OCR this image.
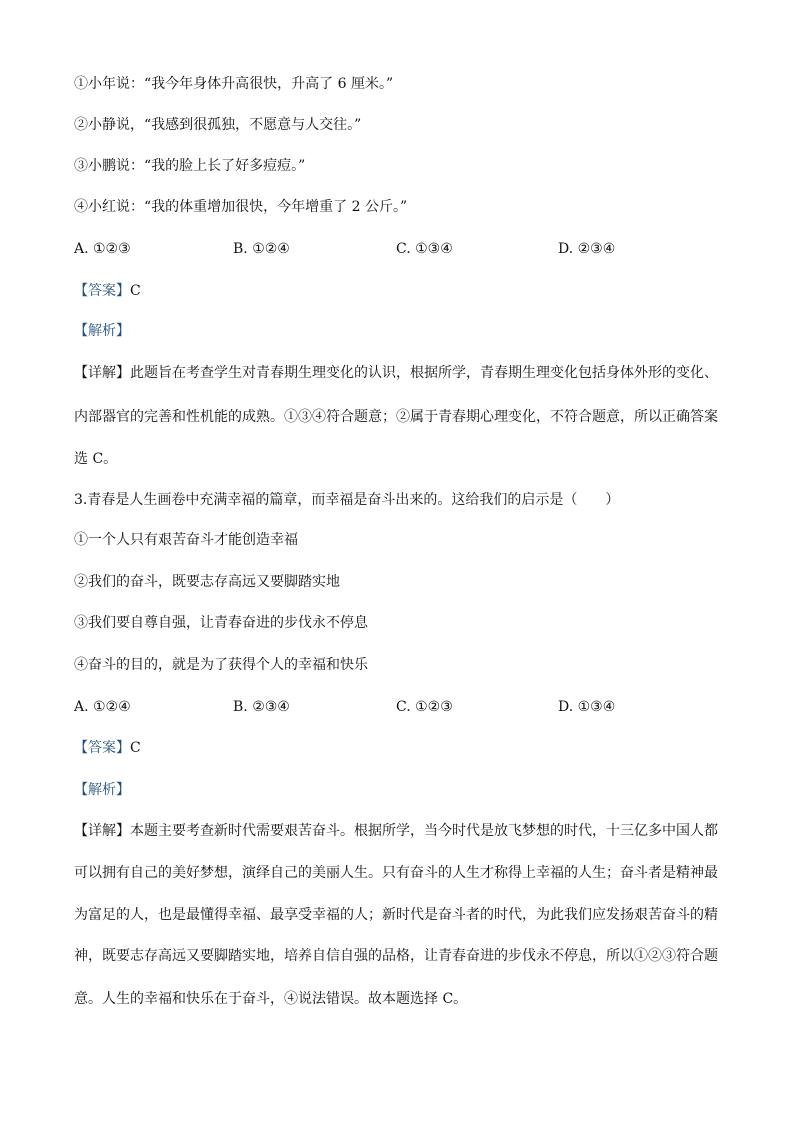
①小年说：“我今年身体升高很快，升高了 6 厘米。”
②小静说，“我感到很孤独，不愿意与人交往。”
③小鹏说：“我的脸上长了好多痘痘。”
④小红说：“我的体重增加很快，今年增重了 2 公斤。”
A. ①②③	B. ①②④	C. ①③④	D. ②③④
【答案】C
【解析】
【详解】此题旨在考查学生对青春期生理变化的认识，根据所学，青春期生理变化包括身体外形的变化、
内部器官的完善和性机能的成熟。①③④符合题意；②属于青春期心理变化，不符合题意，所以正确答案
选 C。
3.青春是人生画卷中充满幸福的篇章，而幸福是奋斗出来的。这给我们的启示是（　　）
①一个人只有艰苦奋斗才能创造幸福
②我们的奋斗，既要志存高远又要脚踏实地
③我们要自尊自强，让青春奋进的步伐永不停息
④奋斗的目的，就是为了获得个人的幸福和快乐
A. ①②④	B. ②③④	C. ①②③	D. ①③④
【答案】C
【解析】
【详解】本题主要考查新时代需要艰苦奋斗。根据所学，当今时代是放飞梦想的时代，十三亿多中国人都
可以拥有自己的美好梦想，演绎自己的美丽人生。只有奋斗的人生才称得上幸福的人生；奋斗者是精神最
为富足的人，也是最懂得幸福、最享受幸福的人；新时代是奋斗者的时代，为此我们应发扬艰苦奋斗的精
神，既要志存高远又要脚踏实地，培养自信自强的品格，让青春奋进的步伐永不停息，所以①②③符合题
意。人生的幸福和快乐在于奋斗，④说法错误。故本题选择 C。
